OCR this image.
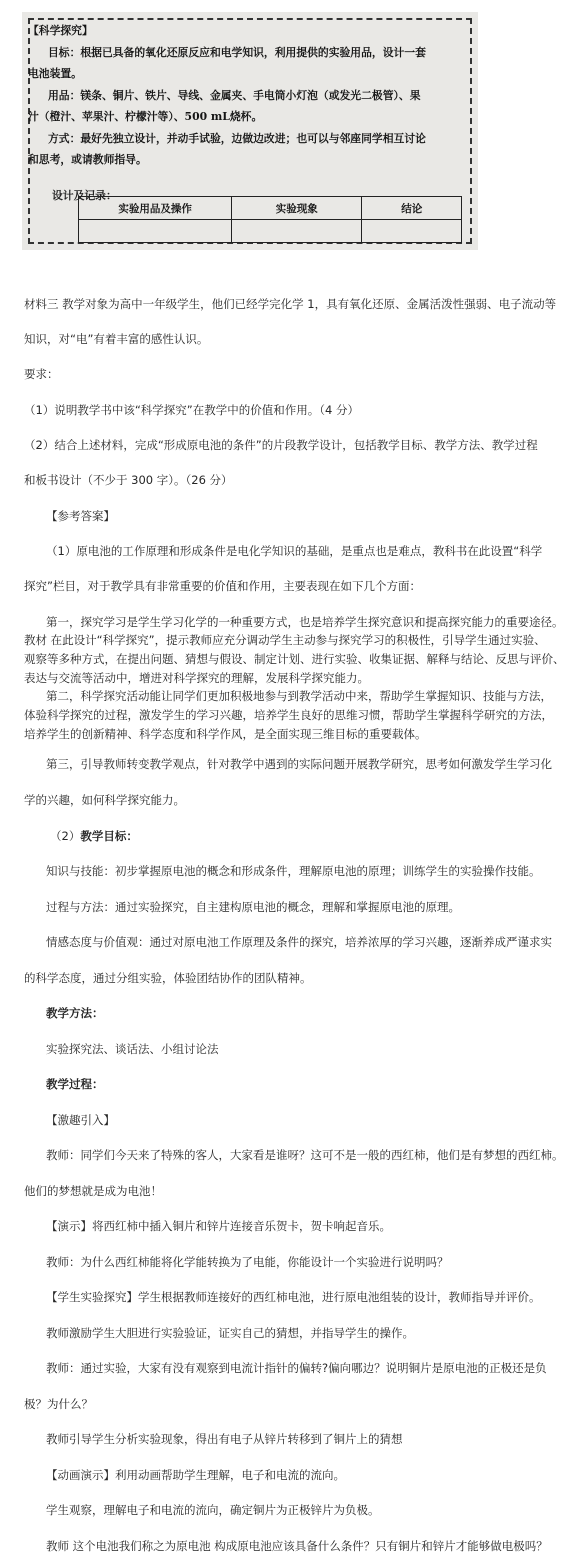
【科学探究】

目标：根据已具备的氧化还原反应和电学知识，利用提供的实验用品，设计一套

电池装置。

用品：镁条、铜片、铁片、导线、金属夹、手电筒小灯泡（或发光二极管）、果

汁（橙汁、苹果汁、柠檬汁等）、500 mL烧杯。

方式：最好先独立设计，并动手试验，边做边改进；也可以与邻座同学相互讨论

和思考，或请教师指导。

设计及记录：
实验用品及操作	实验现象	结论

材料三 教学对象为高中一年级学生，他们已经学完化学 1，具有氧化还原、金属活泼性强弱、电子流动等
知识，对“电”有着丰富的感性认识。
要求：
（1）说明教学书中该“科学探究”在教学中的价值和作用。（4 分）
（2）结合上述材料，完成“形成原电池的条件”的片段教学设计，包括教学目标、教学方法、教学过程
和板书设计（不少于 300 字）。（26 分）
【参考答案】
（1）原电池的工作原理和形成条件是电化学知识的基础，是重点也是难点，教科书在此设置“科学
探究”栏目，对于教学具有非常重要的价值和作用，主要表现在如下几个方面：
第一，探究学习是学生学习化学的一种重要方式，也是培养学生探究意识和提高探究能力的重要途径。
教材 在此设计“科学探究”，提示教师应充分调动学生主动参与探究学习的积极性，引导学生通过实验、
观察等多种方式，在提出问题、猜想与假设、制定计划、进行实验、收集证据、解释与结论、反思与评价、
表达与交流等活动中，增进对科学探究的理解，发展科学探究能力。
第二，科学探究活动能让同学们更加积极地参与到教学活动中来，帮助学生掌握知识、技能与方法，
体验科学探究的过程，激发学生的学习兴趣，培养学生良好的思维习惯，帮助学生掌握科学研究的方法，
培养学生的创新精神、科学态度和科学作风，是全面实现三维目标的重要载体。
第三，引导教师转变教学观点，针对教学中遇到的实际问题开展教学研究，思考如何激发学生学习化
学的兴趣，如何科学探究能力。
（2）教学目标：
知识与技能：初步掌握原电池的概念和形成条件，理解原电池的原理；训练学生的实验操作技能。
过程与方法：通过实验探究，自主建构原电池的概念，理解和掌握原电池的原理。
情感态度与价值观：通过对原电池工作原理及条件的探究，培养浓厚的学习兴趣，逐渐养成严谨求实
的科学态度，通过分组实验，体验团结协作的团队精神。
教学方法：
实验探究法、谈话法、小组讨论法
教学过程：
【激趣引入】
教师：同学们今天来了特殊的客人，大家看是谁呀？这可不是一般的西红柿，他们是有梦想的西红柿。
他们的梦想就是成为电池！
【演示】将西红柿中插入铜片和锌片连接音乐贺卡，贺卡响起音乐。
教师：为什么西红柿能将化学能转换为了电能，你能设计一个实验进行说明吗？
【学生实验探究】学生根据教师连接好的西红柿电池，进行原电池组装的设计，教师指导并评价。
教师激励学生大胆进行实验验证，证实自己的猜想，并指导学生的操作。
教师：通过实验，大家有没有观察到电流计指针的偏转?偏向哪边？说明铜片是原电池的正极还是负
极？为什么？
教师引导学生分析实验现象，得出有电子从锌片转移到了铜片上的猜想
【动画演示】利用动画帮助学生理解，电子和电流的流向。
学生观察，理解电子和电流的流向，确定铜片为正极锌片为负极。
教师 这个电池我们称之为原电池 构成原电池应该具备什么条件？只有铜片和锌片才能够做电极吗？
